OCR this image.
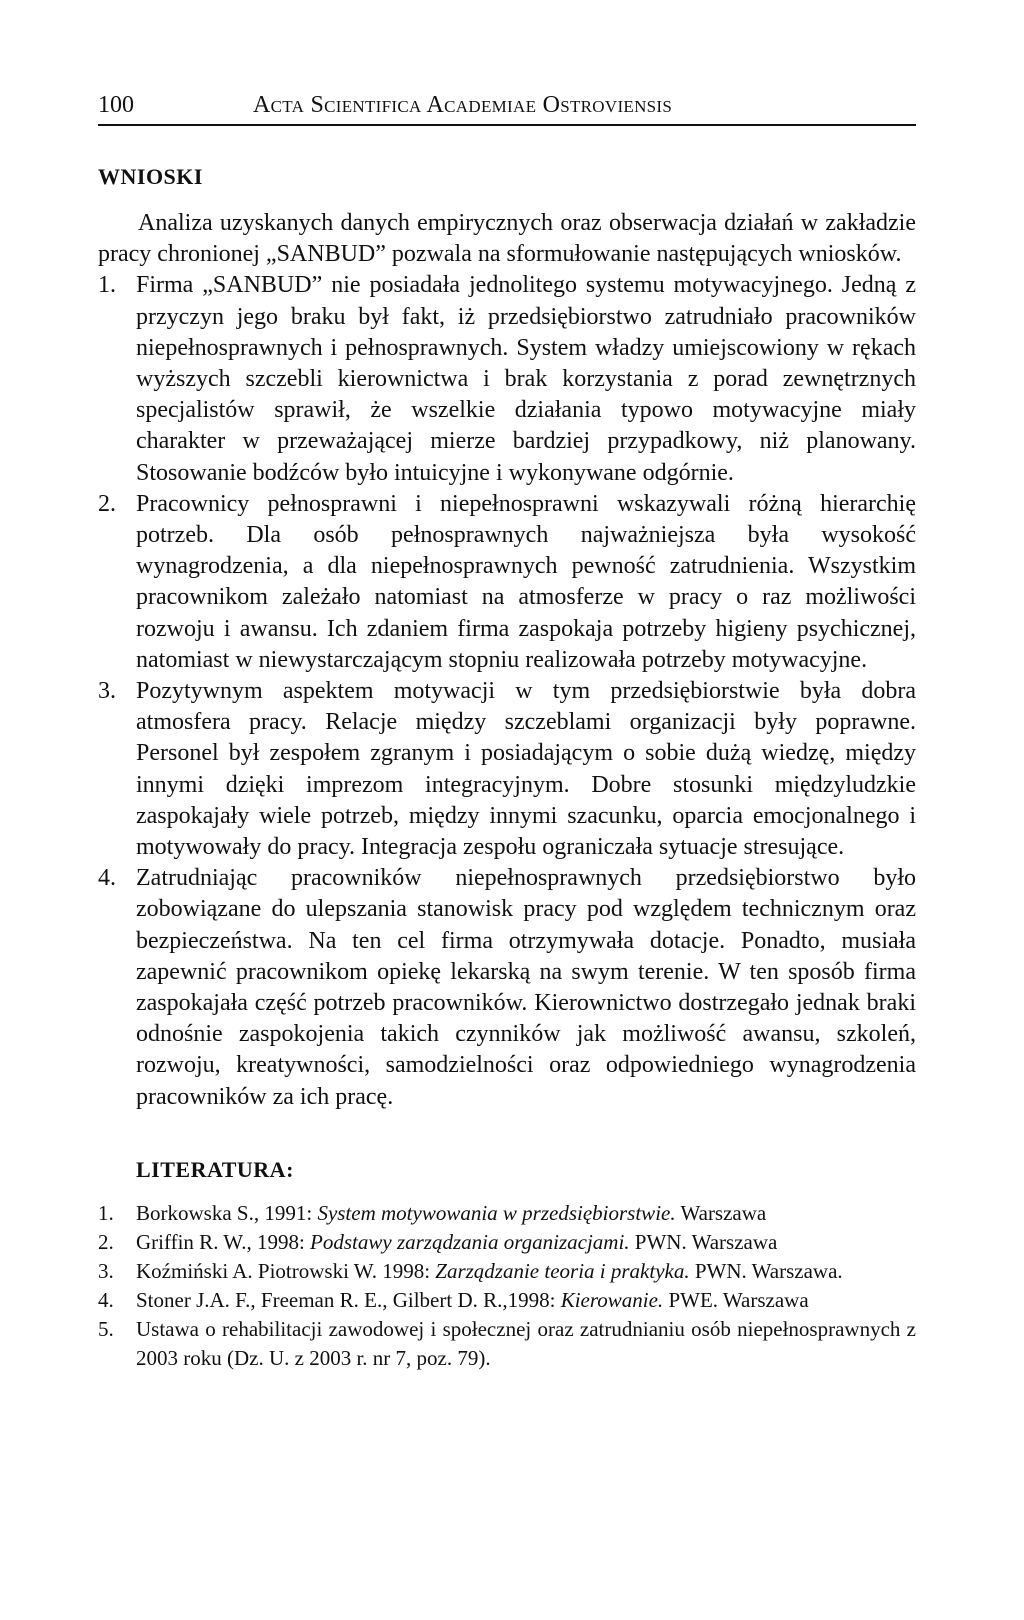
100	Acta Scientifica Academiae Ostroviensis
WNIOSKI

Analiza uzyskanych danych empirycznych oraz obserwacja działań w zakładzie pracy chronionej „SANBUD” pozwala na sformułowanie następujących wniosków.

1. Firma „SANBUD” nie posiadała jednolitego systemu motywacyjnego. Jedną z przyczyn jego braku był fakt, iż przedsiębiorstwo zatrudniało pracowników niepełnosprawnych i pełnosprawnych. System władzy umiejscowiony w rękach wyższych szczebli kierownictwa i brak korzystania z porad zewnętrznych specjalistów sprawił, że wszelkie działania typowo motywacyjne miały charakter w przeważającej mierze bardziej przypadkowy, niż planowany. Stosowanie bodźców było intuicyjne i wykonywane odgórnie.
2. Pracownicy pełnosprawni i niepełnosprawni wskazywali różną hierarchię potrzeb. Dla osób pełnosprawnych najważniejsza była wysokość wynagrodzenia, a dla niepełnosprawnych pewność zatrudnienia. Wszystkim pracownikom zależało natomiast na atmosferze w pracy o raz możliwości rozwoju i awansu. Ich zdaniem firma zaspokaja potrzeby higieny psychicznej, natomiast w niewystarczającym stopniu realizowała potrzeby motywacyjne.
3. Pozytywnym aspektem motywacji w tym przedsiębiorstwie była dobra atmosfera pracy. Relacje między szczeblami organizacji były poprawne. Personel był zespołem zgranym i posiadającym o sobie dużą wiedzę, między innymi dzięki imprezom integracyjnym. Dobre stosunki międzyludzkie zaspokajały wiele potrzeb, między innymi szacunku, oparcia emocjonalnego i motywowały do pracy. Integracja zespołu ograniczała sytuacje stresujące.
4. Zatrudniając pracowników niepełnosprawnych przedsiębiorstwo było zobowiązane do ulepszania stanowisk pracy pod względem technicznym oraz bezpieczeństwa. Na ten cel firma otrzymywała dotacje. Ponadto, musiała zapewnić pracownikom opiekę lekarską na swym terenie. W ten sposób firma zaspokajała część potrzeb pracowników. Kierownictwo dostrzegało jednak braki odnośnie zaspokojenia takich czynników jak możliwość awansu, szkoleń, rozwoju, kreatywności, samodzielności oraz odpowiedniego wynagrodzenia pracowników za ich pracę.
LITERATURA:
1. Borkowska S., 1991: System motywowania w przedsiębiorstwie. Warszawa
2. Griffin R. W., 1998: Podstawy zarządzania organizacjami. PWN. Warszawa
3. Koźmiński A. Piotrowski W. 1998: Zarządzanie teoria i praktyka. PWN. Warszawa.
4. Stoner J.A. F., Freeman R. E., Gilbert D. R.,1998: Kierowanie. PWE. Warszawa
5. Ustawa o rehabilitacji zawodowej i społecznej oraz zatrudnianiu osób niepełnosprawnych z 2003 roku (Dz. U. z 2003 r. nr 7, poz. 79).
